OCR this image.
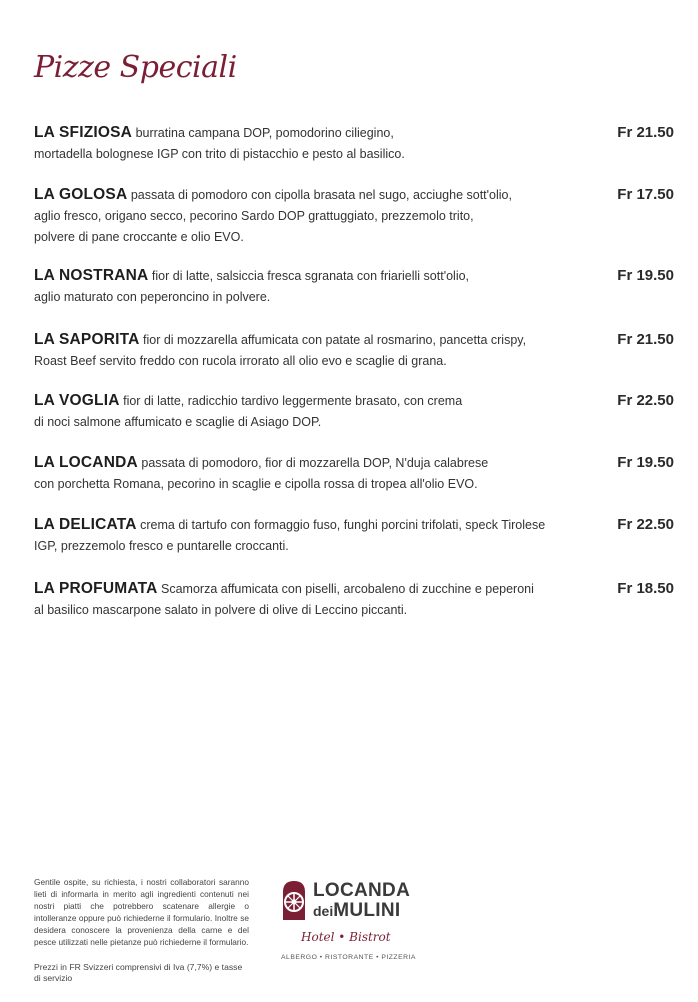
Pizze Speciali
LA SFIZIOSA burratina campana DOP, pomodorino ciliegino,
mortadella bolognese IGP con trito di pistacchio e pesto al basilico.
Fr 21.50
LA GOLOSA passata di pomodoro con cipolla brasata nel sugo, acciughe sott'olio,
aglio fresco, origano secco, pecorino Sardo DOP grattuggiato, prezzemolo trito,
polvere di pane croccante e olio EVO.
Fr 17.50
LA NOSTRANA fior di latte, salsiccia fresca sgranata con friarielli sott'olio,
aglio maturato con peperoncino in polvere.
Fr 19.50
LA SAPORITA fior di mozzarella affumicata con patate al rosmarino, pancetta crispy,
Roast Beef servito freddo con rucola irrorato all olio evo e scaglie di grana.
Fr 21.50
LA VOGLIA fior di latte, radicchio tardivo leggermente brasato, con crema
di noci salmone affumicato e scaglie di Asiago DOP.
Fr 22.50
LA LOCANDA passata di pomodoro, fior di mozzarella DOP, N'duja calabrese
con porchetta Romana, pecorino in scaglie e cipolla rossa di tropea all'olio EVO.
Fr 19.50
LA DELICATA crema di tartufo con formaggio fuso, funghi porcini trifolati, speck Tirolese
IGP, prezzemolo fresco e puntarelle croccanti.
Fr 22.50
LA PROFUMATA Scamorza affumicata con piselli, arcobaleno di zucchine e peperoni
al basilico mascarpone salato in polvere di olive di Leccino piccanti.
Fr 18.50
Gentile ospite, su richiesta, i nostri collaboratori saranno lieti di informarla in merito agli ingredienti contenuti nei nostri piatti che potrebbero scatenare allergie o intolleranze oppure può richiederne il formulario. Inoltre se desidera conoscere la provenienza della carne e del pesce utilizzati nelle pietanze può richiederne il formulario.
Prezzi in FR Svizzeri comprensivi di Iva (7,7%) e tasse di servizio
LOCANDA
deiMULINI
Hotel • Bistrot
ALBERGO • RISTORANTE • PIZZERIA
